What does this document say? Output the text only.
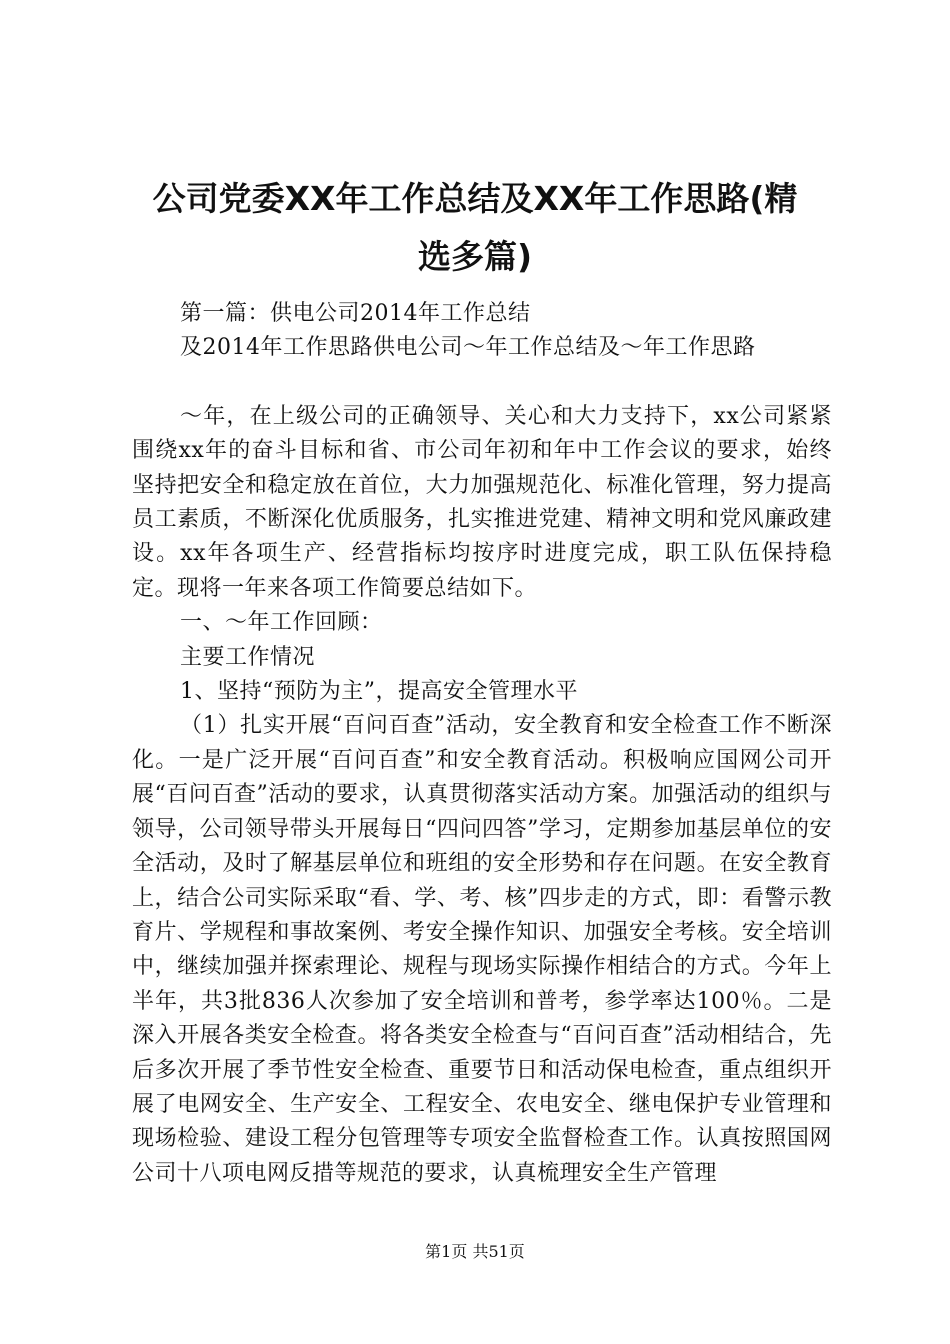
公司党委XX年工作总结及XX年工作思路(精
选多篇)

第一篇：供电公司2014年工作总结

及2014年工作思路供电公司～年工作总结及～年工作思路

～年，在上级公司的正确领导、关心和大力支持下，xx公司紧紧围绕xx年的奋斗目标和省、市公司年初和年中工作会议的要求，始终坚持把安全和稳定放在首位，大力加强规范化、标准化管理，努力提高员工素质，不断深化优质服务，扎实推进党建、精神文明和党风廉政建设。xx年各项生产、经营指标均按序时进度完成，职工队伍保持稳定。现将一年来各项工作简要总结如下。

一、～年工作回顾：

主要工作情况

1、坚持“预防为主”，提高安全管理水平

（1）扎实开展“百问百查”活动，安全教育和安全检查工作不断深化。一是广泛开展“百问百查”和安全教育活动。积极响应国网公司开展“百问百查”活动的要求，认真贯彻落实活动方案。加强活动的组织与领导，公司领导带头开展每日“四问四答”学习，定期参加基层单位的安全活动，及时了解基层单位和班组的安全形势和存在问题。在安全教育上，结合公司实际采取“看、学、考、核”四步走的方式，即：看警示教育片、学规程和事故案例、考安全操作知识、加强安全考核。安全培训中，继续加强并探索理论、规程与现场实际操作相结合的方式。今年上半年，共3批836人次参加了安全培训和普考，参学率达100％。二是深入开展各类安全检查。将各类安全检查与“百问百查”活动相结合，先后多次开展了季节性安全检查、重要节日和活动保电检查，重点组织开展了电网安全、生产安全、工程安全、农电安全、继电保护专业管理和现场检验、建设工程分包管理等专项安全监督检查工作。认真按照国网公司十八项电网反措等规范的要求，认真梳理安全生产管理

第1页 共51页
